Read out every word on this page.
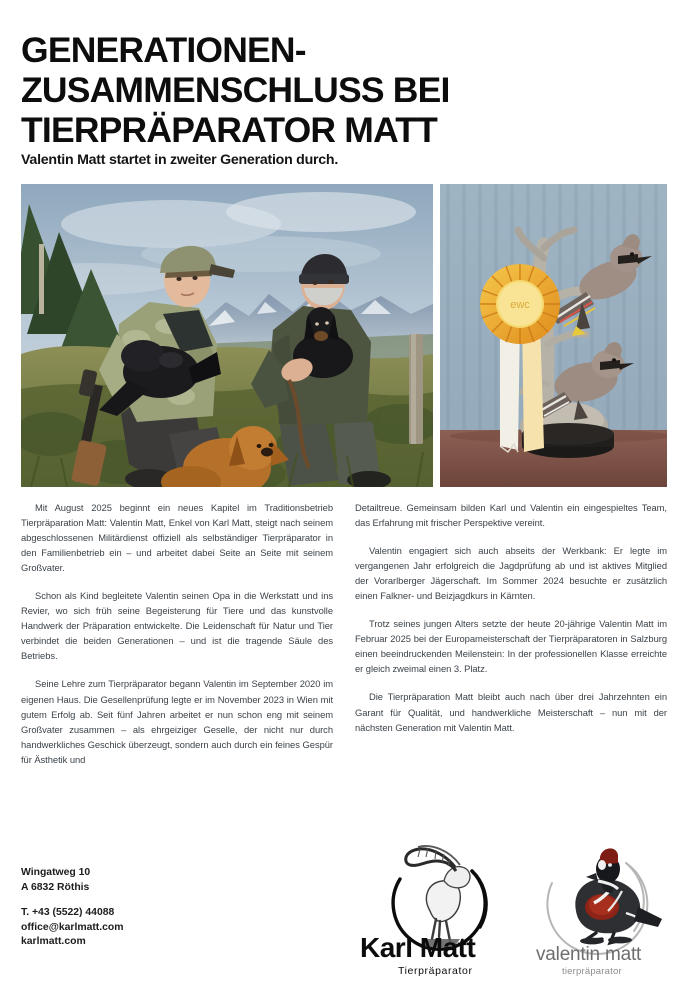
GENERATIONEN-
ZUSAMMENSCHLUSS BEI
TIERPRÄPARATOR MATT
Valentin Matt startet in zweiter Generation durch.
ewc

Mit August 2025 beginnt ein neues Kapitel im Traditionsbetrieb Tierpräparation Matt: Valentin Matt, Enkel von Karl Matt, steigt nach seinem abgeschlossenen Militärdienst offiziell als selbständiger Tierpräparator in den Familienbetrieb ein – und arbeitet dabei Seite an Seite mit seinem Großvater.

Schon als Kind begleitete Valentin seinen Opa in die Werkstatt und ins Revier, wo sich früh seine Begeisterung für Tiere und das kunstvolle Handwerk der Präparation entwickelte. Die Leidenschaft für Natur und Tier verbindet die beiden Generationen – und ist die tragende Säule des Betriebs.

Seine Lehre zum Tierpräparator begann Valentin im September 2020 im eigenen Haus. Die Gesellenprüfung legte er im November 2023 in Wien mit gutem Erfolg ab. Seit fünf Jahren arbeitet er nun schon eng mit seinem Großvater zusammen – als ehrgeiziger Geselle, der nicht nur durch handwerkliches Geschick überzeugt, sondern auch durch ein feines Gespür für Ästhetik und

Detailtreue. Gemeinsam bilden Karl und Valentin ein eingespieltes Team, das Erfahrung mit frischer Perspektive vereint.

Valentin engagiert sich auch abseits der Werkbank: Er legte im vergangenen Jahr erfolgreich die Jagdprüfung ab und ist aktives Mitglied der Vorarlberger Jägerschaft. Im Sommer 2024 besuchte er zusätzlich einen Falkner- und Beizjagdkurs in Kärnten.

Trotz seines jungen Alters setzte der heute 20-jährige Valentin Matt im Februar 2025 bei der Europameisterschaft der Tierpräparatoren in Salzburg einen beeindruckenden Meilenstein: In der professionellen Klasse erreichte er gleich zweimal einen 3. Platz.

Die Tierpräparation Matt bleibt auch nach über drei Jahrzehnten ein Garant für Qualität, und handwerkliche Meisterschaft – nun mit der nächsten Generation mit Valentin Matt.

Wingatweg 10
A 6832 Röthis
T. +43 (5522) 44088
office@karlmatt.com
karlmatt.com	Karl Matt
Tierpräparator
valentin matt
tierpräparator
